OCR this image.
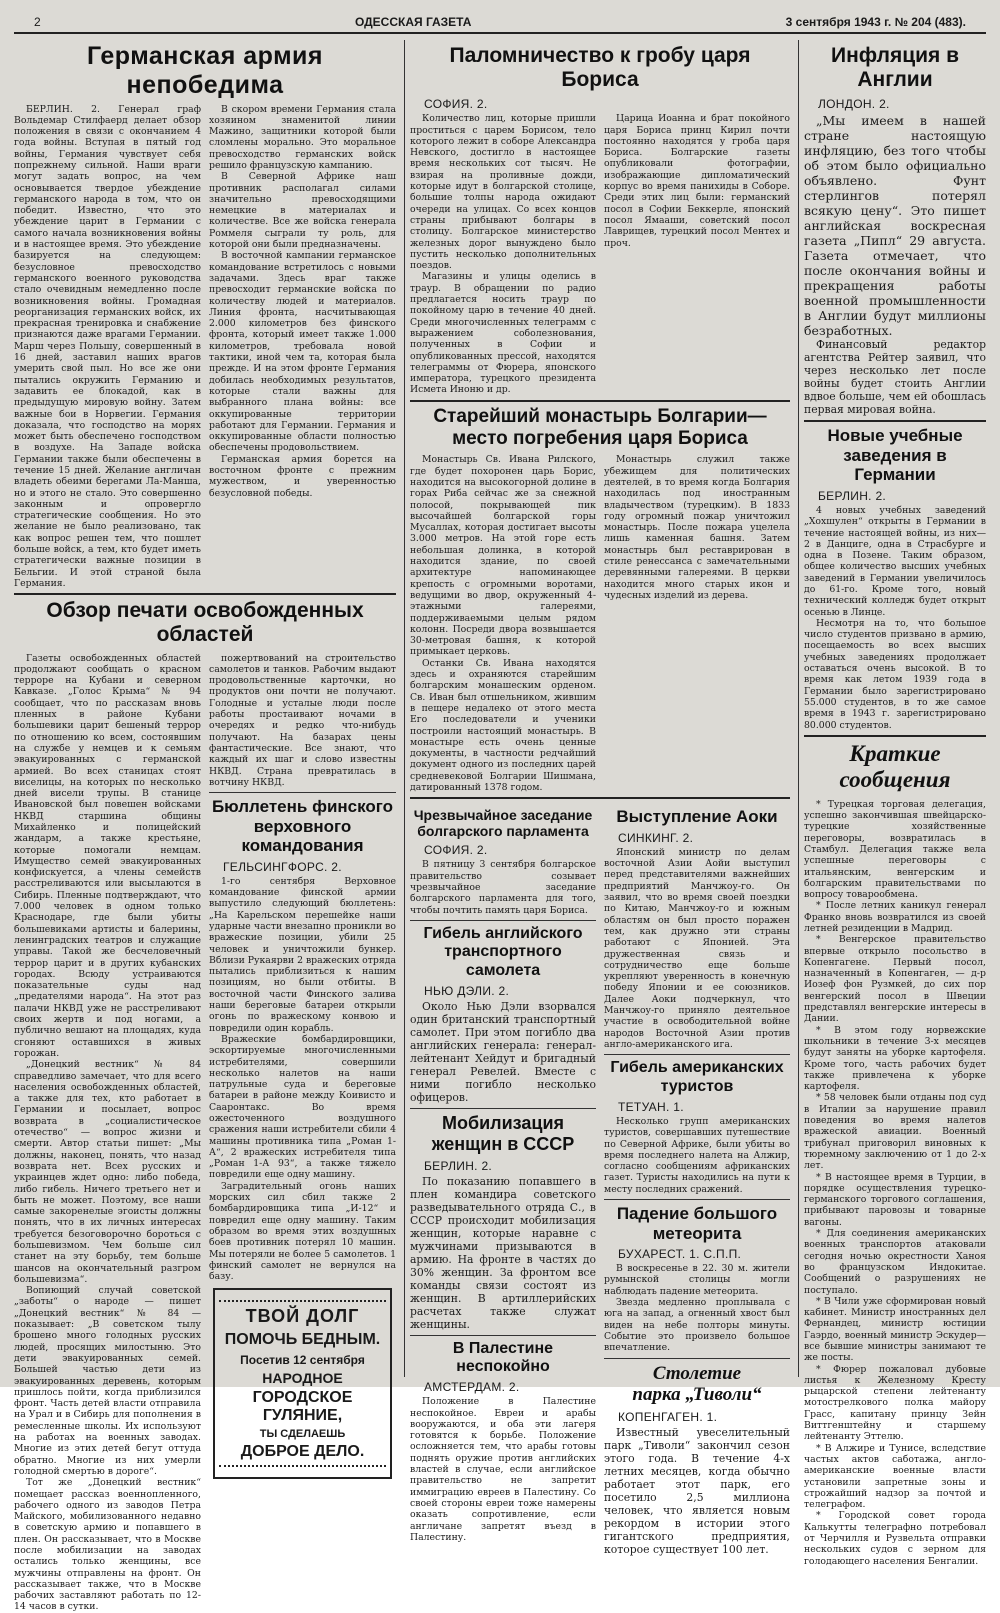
2	ОДЕССКАЯ ГАЗЕТА	3 сентября 1943 г. № 204 (483).
Германская армия непобедима

БЕРЛИН. 2. Генерал граф Вольдемар Стилфаерд делает обзор положения в связи с окончанием 4 года войны. Вступая в пятый год войны, Германия чувствует себя попрежнему сильной. Наши враги могут задать вопрос, на чем основывается твердое убеждение германского народа в том, что он победит. Известно, что это убеждение царит в Германии с самого начала возникновения войны и в настоящее время. Это убеждение базируется на следующем: безусловное превосходство германского военного руководства стало очевидным немедленно после возникновения войны. Громадная реорганизация германских войск, их прекрасная тренировка и снабжение признаются даже врагами Германии. Марш через Польшу, совершенный в 16 дней, заставил наших врагов умерить свой пыл. Но все же они пытались окружить Германию и задавить ее блокадой, как в предыдущую мировую войну. Затем важные бои в Норвегии. Германия доказала, что господство на морях может быть обеспечено господством в воздухе. На Западе войска Германии также были обеспечены в течение 15 дней. Желание англичан владеть обеими берегами Ла-Манша, но и этого не стало. Это совершенно законным и опровергло стратегические сообщения. Но это желание не было реализовано, так как вопрос решен тем, что пошлет больше войск, а тем, кто будет иметь стратегически важные позиции в Бельгии. И этой страной была Германия.

В скором времени Германия стала хозяином знаменитой линии Мажино, защитники которой были сломлены морально. Это моральное превосходство германских войск решило французскую кампанию.

В Северной Африке наш противник располагал силами значительно превосходящими немецкие в материалах и количестве. Все же войска генерала Роммеля сыграли ту роль, для которой они были предназначены.

В восточной кампании германское командование встретилось с новыми задачами. Здесь враг также превосходит германские войска по количеству людей и материалов. Линия фронта, насчитывающая 2.000 километров без финского фронта, который имеет также 1.000 километров, требовала новой тактики, иной чем та, которая была прежде. И на этом фронте Германия добилась необходимых результатов, которые стали важны для выбранного плана войны: все оккупированные территории работают для Германии. Германия и оккупированные области полностью обеспечены продовольствием.

Германская армия борется на восточном фронте с прежним мужеством, и уверенностью безусловной победы.

Обзор печати освобожденных областей

Газеты освобожденных областей продолжают сообщать о красном терроре на Кубани и северном Кавказе. „Голос Крыма“ № 94 сообщает, что по рассказам вновь пленных в районе Кубани большевики царит бешеный террор по отношению ко всем, состоявшим на службе у немцев и к семьям эвакуированных с германской армией. Во всех станицах стоят виселицы, на которых по несколько дней висели трупы. В станице Ивановской был повешен войсками НКВД старшина общины Михайленко и полицейский жандарм, а также крестьяне, которые помогали немцам. Имущество семей эвакуированных конфискуется, а члены семейств расстреливаются или высылаются в Сибирь. Пленные подтверждают, что 7.000 человек в одном только Краснодаре, где были убиты большевиками артисты и балерины, ленинградских театров и служащие управы. Такой же бесчеловечный террор царит и в других кубанских городах. Всюду устраиваются показательные суды над „предателями народа“. На этот раз палачи НКВД уже не расстреливают своих жертв и под ногами, а публично вешают на площадях, куда сгоняют оставшихся в живых горожан.

„Донецкий вестник“ № 84 справедливо замечает, что для всего населения освобожденных областей, а также для тех, кто работает в Германии и посылает, вопрос возврата в „социалистическое отечество“ — вопрос жизни и смерти. Автор статьи пишет: „Мы должны, наконец, понять, что назад возврата нет. Всех русских и украинцев ждет одно: либо победа, либо гибель. Ничего третьего нет и быть не может. Поэтому, все наши самые закоренелые эгоисты должны понять, что в их личных интересах требуется безоговорочно бороться с большевизмом. Чем больше сил станет на эту борьбу, тем больше шансов на окончательный разгром большевизма“.

Вопиющий случай советской „заботы“ о народе — пишет „Донецкий вестник“ № 84 — показывает: „В советском тылу брошено много голодных русских людей, просящих милостыню. Это дети эвакуированных семей. Большей частью дети из эвакуированных деревень, которым пришлось пойти, когда приблизился фронт. Часть детей власти отправила на Урал и в Сибирь для пополнения в ремесленные школы. Их используют на работах на военных заводах. Многие из этих детей бегут оттуда обратно. Многие из них умерли голодной смертью в дороге“.

Тот же „Донецкий вестник“ помещает рассказ военнопленного, рабочего одного из заводов Петра Майского, мобилизованного недавно в советскую армию и попавшего в плен. Он рассказывает, что в Москве после мобилизации на заводах остались только женщины, все мужчины отправлены на фронт. Он рассказывает также, что в Москве рабочих заставляют работать по 12-14 часов в сутки.

пожертвований на строительство самолетов и танков. Рабочим выдают продовольственные карточки, но продуктов они почти не получают. Голодные и усталые люди после работы простаивают ночами в очередях и редко что-нибудь получают. На базарах цены фантастические. Все знают, что каждый их шаг и слово известны НКВД. Страна превратилась в вотчину НКВД.

Бюллетень финского верховного командования
ГЕЛЬСИНГФОРС. 2.

1-го сентября Верховное командование финской армии выпустило следующий бюллетень: „На Карельском перешейке наши ударные части внезапно проникли во вражеские позиции, убили 25 человек и уничтожили бункер. Вблизи Рукаярви 2 вражеских отряда пытались приблизиться к нашим позициям, но были отбиты. В восточной части Финского залива наши береговые батареи открыли огонь по вражескому конвою и повредили один корабль.

Вражеские бомбардировщики, эскортируемые многочисленными истребителями, совершили несколько налетов на наши патрульные суда и береговые батареи в районе между Коивисто и Сааронтакс. Во время ожесточенного воздушного сражения наши истребители сбили 4 машины противника типа „Роман 1-А“, 2 вражеских истребителя типа „Роман 1-А 93“, а также тяжело повредили еще одну машину.

Заградительный огонь наших морских сил сбил также 2 бомбардировщика типа „И-12“ и повредил еще одну машину. Таким образом во время этих воздушных боев противник потерял 10 машин. Мы потеряли не более 5 самолетов. 1 финский самолет не вернулся на базу.

ТВОЙ ДОЛГ
ПОМОЧЬ БЕДНЫМ.
Посетив 12 сентября
НАРОДНОЕ
ГОРОДСКОЕ ГУЛЯНИЕ,
ТЫ СДЕЛАЕШЬ
ДОБРОЕ ДЕЛО.
Паломничество к гробу царя Бориса
СОФИЯ. 2.

Количество лиц, которые пришли проститься с царем Борисом, тело которого лежит в соборе Александра Невского, достигло в настоящее время нескольких сот тысяч. Не взирая на проливные дожди, которые идут в болгарской столице, большие толпы народа ожидают очереди на улицах. Со всех концов страны прибывают болгары в столицу. Болгарское министерство железных дорог вынуждено было пустить несколько дополнительных поездов.

Магазины и улицы оделись в траур. В обращении по радио предлагается носить траур по покойному царю в течение 40 дней. Среди многочисленных телеграмм с выражением соболезнования, полученных в Софии и опубликованных прессой, находятся телеграммы от Фюрера, японского императора, турецкого президента Исмета Иноню и др.

Царица Иоанна и брат покойного царя Бориса принц Кирил почти постоянно находятся у гроба царя Бориса. Болгарские газеты опубликовали фотографии, изображающие дипломатический корпус во время панихиды в Соборе. Среди этих лиц были: германский посол в Софии Беккерле, японский посол Ямааши, советский посол Лаврищев, турецкий посол Ментех и проч.

Старейший монастырь Болгарии— место погребения царя Бориса

Монастырь Св. Ивана Рилского, где будет похоронен царь Борис, находится на высокогорной долине в горах Риба сейчас же за снежной полосой, покрывающей пик высочайшей болгарской горы Мусаллах, которая достигает высоты 3.000 метров. На этой горе есть небольшая долинка, в которой находится здание, по своей архитектуре напоминающее крепость с огромными воротами, ведущими во двор, окруженный 4-этажными галереями, поддерживаемыми целым рядом колонн. Посреди двора возвышается 30-метровая башня, к которой примыкает церковь.

Останки Св. Ивана находятся здесь и охраняются старейшим болгарским монашеским орденом. Св. Иван был отшельником, жившим в пещере недалеко от этого места Его последователи и ученики построили настоящий монастырь. В монастыре есть очень ценные документы, в частности редчайший документ одного из последних царей средневековой Болгарии Шишмана, датированный 1378 годом.

Монастырь служил также убежищем для политических деятелей, в то время когда Болгария находилась под иностранным владычеством (турецким). В 1833 году огромный пожар уничтожил монастырь. После пожара уцелела лишь каменная башня. Затем монастырь был реставрирован в стиле ренессанса с замечательными деревянными галереями. В церкви находится много старых икон и чудесных изделий из дерева.

Чрезвычайное заседание болгарского парламента
СОФИЯ. 2.

В пятницу 3 сентября болгарское правительство созывает чрезвычайное заседание болгарского парламента для того, чтобы почтить память царя Бориса.

Гибель английского транспортного самолета
НЬЮ ДЭЛИ. 2.

Около Нью Дэли взорвался один британский транспортный самолет. При этом погибло два английских генерала: генерал-лейтенант Хейдут и бригадный генерал Ревелей. Вместе с ними погибло несколько офицеров.

Мобилизация женщин в СССР
БЕРЛИН. 2.

По показанию попавшего в плен командира советского разведывательного отряда С., в СССР происходит мобилизация женщин, которые наравне с мужчинами призываются в армию. На фронте в частях до 30% женщин. За фронтом все команды связи состоят из женщин. В артиллерийских расчетах также служат женщины.

В Палестине неспокойно
АМСТЕРДАМ. 2.

Положение в Палестине неспокойное. Евреи и арабы вооружаются, и оба эти лагеря готовятся к борьбе. Положение осложняется тем, что арабы готовы поднять оружие против английских властей в случае, если английское правительство не запретит иммиграцию евреев в Палестину. Со своей стороны евреи тоже намерены оказать сопротивление, если англичане запретят въезд в Палестину.

Выступление Аоки
СИНКИНГ. 2.

Японский министр по делам восточной Азии Аойи выступил перед представителями важнейших предприятий Манчжоу-го. Он заявил, что во время своей поездки по Китаю, Манчжоу-го и южным областям он был просто поражен тем, как дружно эти страны работают с Японией. Эта дружественная связь и сотрудничество еще больше укрепляют уверенность в конечную победу Японии и ее союзников. Далее Аоки подчеркнул, что Манчжоу-го приняло деятельное участие в освободительной войне народов Восточной Азии против англо-американского ига.

Гибель американских туристов
ТЕТУАН. 1.

Несколько групп американских туристов, совершавших путешествие по Северной Африке, были убиты во время последнего налета на Алжир, согласно сообщениям африканских газет. Туристы находились на пути к месту последних сражений.

Падение большого метеорита
БУХАРЕСТ. 1. С.П.П.

В воскресенье в 22. 30 м. жители румынской столицы могли наблюдать падение метеорита.

Звезда медленно проплывала с юга на запад, а огненный хвост был виден на небе полторы минуты. Событие это произвело большое впечатление.

Столетие
парка „Тиволи“
КОПЕНГАГЕН. 1.

Известный увеселительный парк „Тиволи“ закончил сезон этого года. В течение 4-х летних месяцев, когда обычно работает этот парк, его посетило 2,5 миллиона человек, что является новым рекордом в истории этого гигантского предприятия, которое существует 100 лет.

Инфляция в Англии
ЛОНДОН. 2.

„Мы имеем в нашей стране настоящую инфляцию, без того чтобы об этом было официально объявлено. Фунт стерлингов потерял всякую цену“. Это пишет английская воскресная газета „Пипл“ 29 августа. Газета отмечает, что после окончания войны и прекращения работы военной промышленности в Англии будут миллионы безработных.

Финансовый редактор агентства Рейтер заявил, что через несколько лет после войны будет стоить Англии вдвое больше, чем ей обошлась первая мировая война.

Новые учебные заведения в Германии
БЕРЛИН. 2.

4 новых учебных заведений „Хохшулен“ открыты в Германии в течение настоящей войны, из них—2 в Данциге, одна в Страсбурге и одна в Позене. Таким образом, общее количество высших учебных заведений в Германии увеличилось до 61-го. Кроме того, новый технический колледж будет открыт осенью в Линце.

Несмотря на то, что большое число студентов призвано в армию, посещаемость во всех высших учебных заведениях продолжает оставаться очень высокой. В то время как летом 1939 года в Германии было зарегистрировано 55.000 студентов, в то же самое время в 1943 г. зарегистрировано 80.000 студентов.

Краткие
сообщения

* Турецкая торговая делегация, успешно закончившая швейцарско-турецкие хозяйственные переговоры, возвратилась в Стамбул. Делегация также вела успешные переговоры с итальянским, венгерским и болгарским правительствами по вопросу товарообмена.

* После летних каникул генерал Франко вновь возвратился из своей летней резиденции в Мадрид.

* Венгерское правительство впервые открыло посольство в Копенгагене. Первый посол, назначенный в Копенгаген, — д-р Иозеф фон Рузмкей, до сих пор венгерский посол в Швеции представлял венгерские интересы в Дании.

* В этом году норвежские школьники в течение 3-х месяцев будут заняты на уборке картофеля. Кроме того, часть рабочих будет также привлечена к уборке картофеля.

* 58 человек были отданы под суд в Италии за нарушение правил поведения во время налетов вражеской авиации. Военный трибунал приговорил виновных к тюремному заключению от 1 до 2-х лет.

* В настоящее время в Турции, в порядке осуществления турецко-германского торгового соглашения, прибывают паровозы и товарные вагоны.

* Для соединения американских военных транспортов атаковали сегодня ночью окрестности Ханоя во французском Индокитае. Сообщений о разрушениях не поступало.

* В Чили уже сформирован новый кабинет. Министр иностранных дел Фернандец, министр юстиции Гаэрдо, военный министр Эскудер—все бывшие министры занимают те же посты.

* Фюрер пожаловал дубовые листья к Железному Кресту рыцарской степени лейтенанту мотострелкового полка майору Грасс, капитану принцу Зейн Виттгенштейну и старшему лейтенанту Эттелю.

* В Алжире и Тунисе, вследствие частых актов саботажа, англо-американские военные власти установили запретные зоны и строжайший надзор за почтой и телеграфом.

* Городской совет города Калькутты телеграфно потребовал от Черчилля и Рузвельта отправки нескольких судов с зерном для голодающего населения Бенгалии.
